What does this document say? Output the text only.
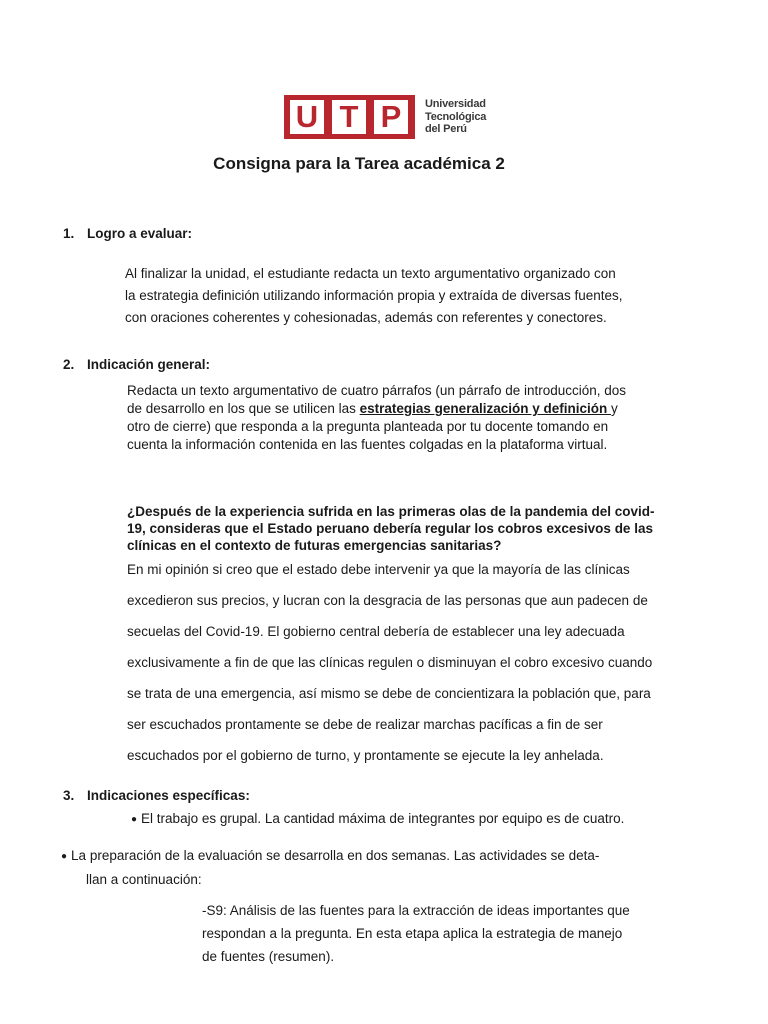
U T P	Universidad
Tecnológica
del Perú
Consigna para la Tarea académica 2
1. Logro a evaluar:
Al finalizar la unidad, el estudiante redacta un texto argumentativo organizado con
la estrategia definición utilizando información propia y extraída de diversas fuentes,
con oraciones coherentes y cohesionadas, además con referentes y conectores.
2. Indicación general:
Redacta un texto argumentativo de cuatro párrafos (un párrafo de introducción, dos
de desarrollo en los que se utilicen las estrategias generalización y definición y
otro de cierre) que responda a la pregunta planteada por tu docente tomando en
cuenta la información contenida en las fuentes colgadas en la plataforma virtual.
¿Después de la experiencia sufrida en las primeras olas de la pandemia del covid-
19, consideras que el Estado peruano debería regular los cobros excesivos de las
clínicas en el contexto de futuras emergencias sanitarias?
En mi opinión si creo que el estado debe intervenir ya que la mayoría de las clínicas
excedieron sus precios, y lucran con la desgracia de las personas que aun padecen de
secuelas del Covid-19. El gobierno central debería de establecer una ley adecuada
exclusivamente a fin de que las clínicas regulen o disminuyan el cobro excesivo cuando
se trata de una emergencia, así mismo se debe de concientizara la población que, para
ser escuchados prontamente se debe de realizar marchas pacíficas a fin de ser
escuchados por el gobierno de turno, y prontamente se ejecute la ley anhelada.
3. Indicaciones específicas:
● El trabajo es grupal. La cantidad máxima de integrantes por equipo es de cuatro.
● La preparación de la evaluación se desarrolla en dos semanas. Las actividades se deta-
llan a continuación:
-S9: Análisis de las fuentes para la extracción de ideas importantes que
respondan a la pregunta. En esta etapa aplica la estrategia de manejo
de fuentes (resumen).
